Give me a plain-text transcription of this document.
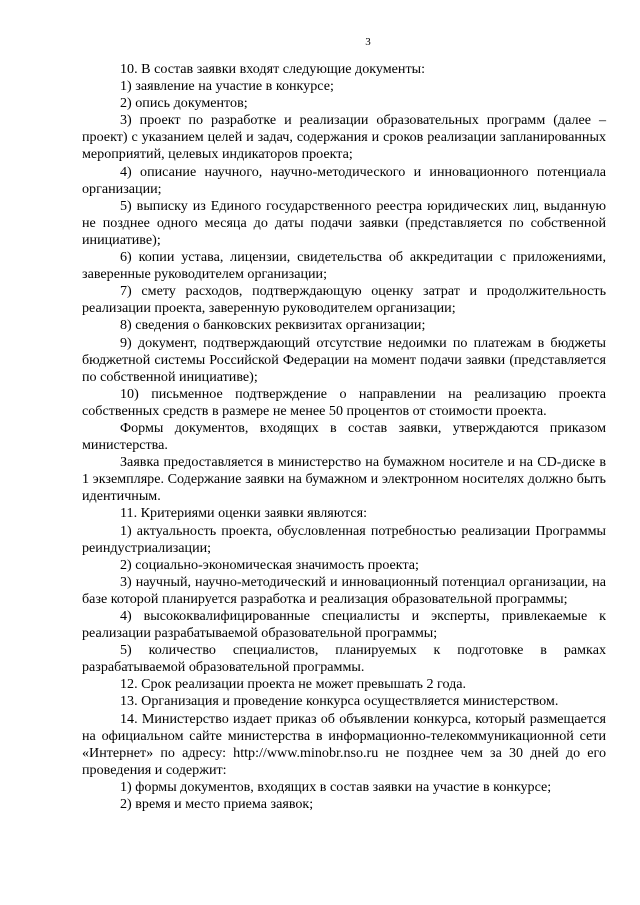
3

10. В состав заявки входят следующие документы:

1) заявление на участие в конкурсе;

2) опись документов;

3) проект по разработке и реализации образовательных программ (далее – проект) с указанием целей и задач, содержания и сроков реализации запланированных мероприятий, целевых индикаторов проекта;

4) описание научного, научно-методического и инновационного потенциала организации;

5) выписку из Единого государственного реестра юридических лиц, выданную не позднее одного месяца до даты подачи заявки (представляется по собственной инициативе);

6) копии устава, лицензии, свидетельства об аккредитации с приложениями, заверенные руководителем организации;

7) смету расходов, подтверждающую оценку затрат и продолжительность реализации проекта, заверенную руководителем организации;

8) сведения о банковских реквизитах организации;

9) документ, подтверждающий отсутствие недоимки по платежам в бюджеты бюджетной системы Российской Федерации на момент подачи заявки (представляется по собственной инициативе);

10) письменное подтверждение о направлении на реализацию проекта собственных средств в размере не менее 50 процентов от стоимости проекта.

Формы документов, входящих в состав заявки, утверждаются приказом министерства.

Заявка предоставляется в министерство на бумажном носителе и на CD-диске в 1 экземпляре. Содержание заявки на бумажном и электронном носителях должно быть идентичным.

11. Критериями оценки заявки являются:

1) актуальность проекта, обусловленная потребностью реализации Программы реиндустриализации;

2) социально-экономическая значимость проекта;

3) научный, научно-методический и инновационный потенциал организации, на базе которой планируется разработка и реализация образовательной программы;

4) высококвалифицированные специалисты и эксперты, привлекаемые к реализации разрабатываемой образовательной программы;

5) количество специалистов, планируемых к подготовке в рамках разрабатываемой образовательной программы.

12. Срок реализации проекта не может превышать 2 года.

13. Организация и проведение конкурса осуществляется министерством.

14. Министерство издает приказ об объявлении конкурса, который размещается на официальном сайте министерства в информационно-телекоммуникационной сети «Интернет» по адресу: http://www.minobr.nso.ru не позднее чем за 30 дней до его проведения и содержит:

1) формы документов, входящих в состав заявки на участие в конкурсе;

2) время и место приема заявок;
